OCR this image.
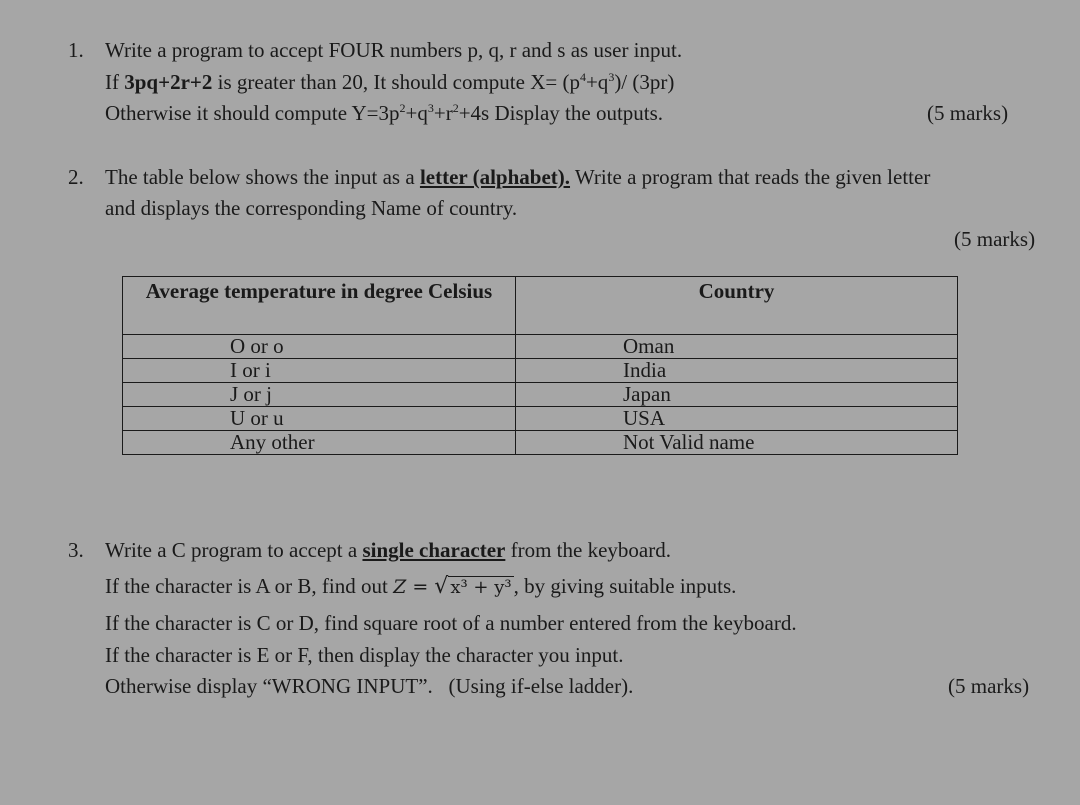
1. Write a program to accept FOUR numbers p, q, r and s as user input.
If 3pq+2r+2 is greater than 20, It should compute $X= (p^4+q^3)/$ (3pr)
Otherwise it should compute $Y=3p^2+q^3+r^2+4s$ Display the outputs.	(5 marks)
2. The table below shows the input as a letter (alphabet). Write a program that reads the given letter
and displays the corresponding Name of country.
(5 marks)
Average temperature in degree Celsius	Country
O or o	Oman
I or i	India
J or j	Japan
U or u	USA
Any other	Not Valid name
3. Write a C program to accept a single character from the keyboard.
If the character is A or B, find out Z = √ x³ + y³, by giving suitable inputs.
If the character is C or D, find square root of a number entered from the keyboard.
If the character is E or F, then display the character you input.
Otherwise display “WRONG INPUT”.   (Using if-else ladder).	(5 marks)
